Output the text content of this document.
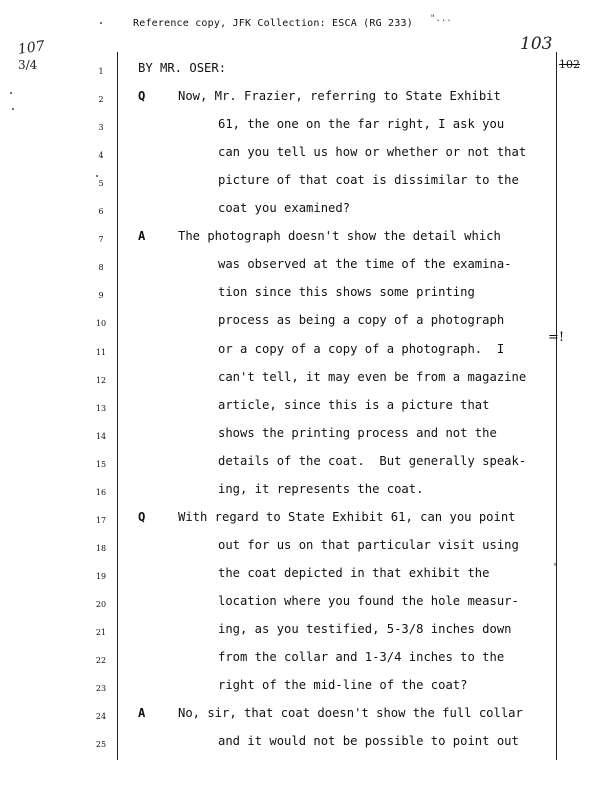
Reference copy, JFK Collection: ESCA (RG 233) "...
107
3/4
103
102
=!
'
1	BY MR. OSER:
2	Q	Now, Mr. Frazier, referring to State Exhibit
3	61, the one on the far right, I ask you
4	can you tell us how or whether or not that
5	picture of that coat is dissimilar to the
6	coat you examined?
7	A	The photograph doesn't show the detail which
8	was observed at the time of the examina-
9	tion since this shows some printing
10	process as being a copy of a photograph
11	or a copy of a copy of a photograph.  I
12	can't tell, it may even be from a magazine
13	article, since this is a picture that
14	shows the printing process and not the
15	details of the coat.  But generally speak-
16	ing, it represents the coat.
17	Q	With regard to State Exhibit 61, can you point
18	out for us on that particular visit using
19	the coat depicted in that exhibit the
20	location where you found the hole measur-
21	ing, as you testified, 5-3/8 inches down
22	from the collar and 1-3/4 inches to the
23	right of the mid-line of the coat?
24	A	No, sir, that coat doesn't show the full collar
25	and it would not be possible to point out
